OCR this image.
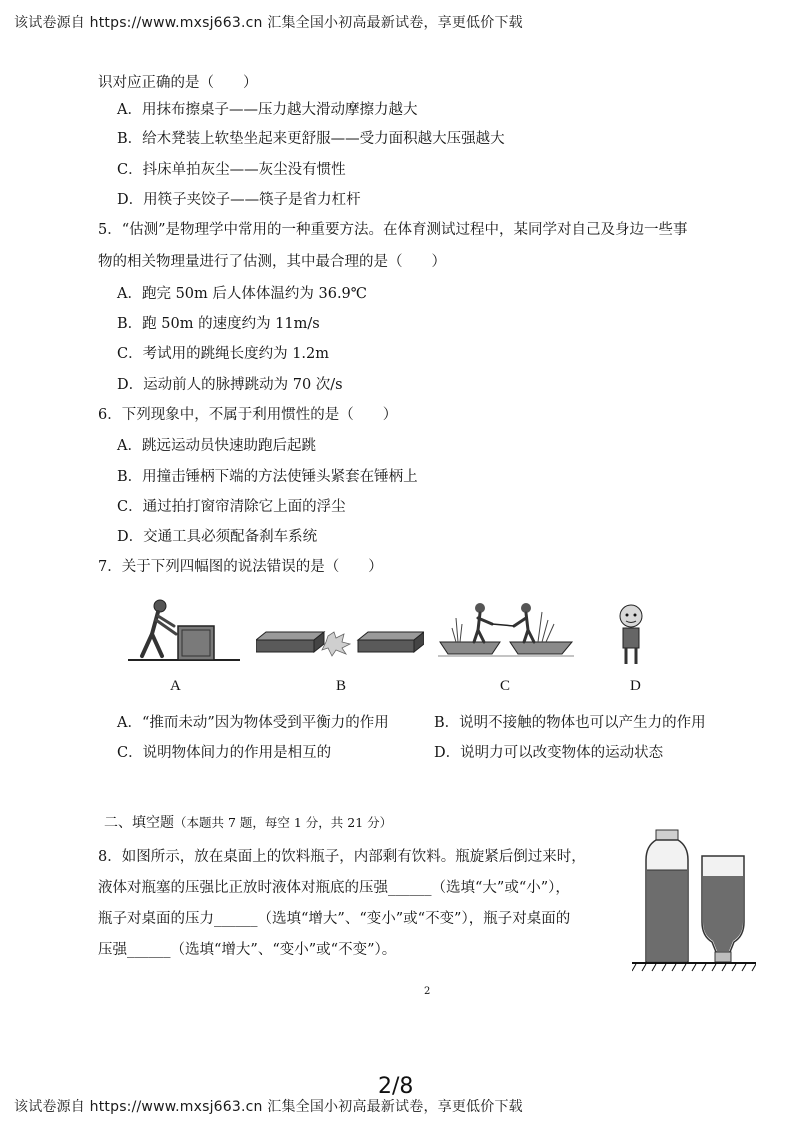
该试卷源自 https://www.mxsj663.cn 汇集全国小初高最新试卷，享更低价下载
识对应正确的是（　　）
A．用抹布擦桌子——压力越大滑动摩擦力越大
B．给木凳装上软垫坐起来更舒服——受力面积越大压强越大
C．抖床单拍灰尘——灰尘没有惯性
D．用筷子夹饺子——筷子是省力杠杆
5．“估测”是物理学中常用的一种重要方法。在体育测试过程中，某同学对自己及身边一些事
物的相关物理量进行了估测，其中最合理的是（　　）
A．跑完 50m 后人体体温约为 36.9℃
B．跑 50m 的速度约为 11m/s
C．考试用的跳绳长度约为 1.2m
D．运动前人的脉搏跳动为 70 次/s
6．下列现象中，不属于利用惯性的是（　　）
A．跳远运动员快速助跑后起跳
B．用撞击锤柄下端的方法使锤头紧套在锤柄上
C．通过拍打窗帘清除它上面的浮尘
D．交通工具必须配备刹车系统
7．关于下列四幅图的说法错误的是（　　）
A	B	C	D
A．“推而未动”因为物体受到平衡力的作用	B．说明不接触的物体也可以产生力的作用
C．说明物体间力的作用是相互的	D．说明力可以改变物体的运动状态
二、填空题（本题共 7 题，每空 1 分，共 21 分）
8．如图所示，放在桌面上的饮料瓶子，内部剩有饮料。瓶旋紧后倒过来时，
液体对瓶塞的压强比正放时液体对瓶底的压强______（选填“大”或“小”），
瓶子对桌面的压力______（选填“增大”、“变小”或“不变”），瓶子对桌面的
压强______（选填“增大”、“变小”或“不变”）。
2
2/8
该试卷源自 https://www.mxsj663.cn 汇集全国小初高最新试卷，享更低价下载
